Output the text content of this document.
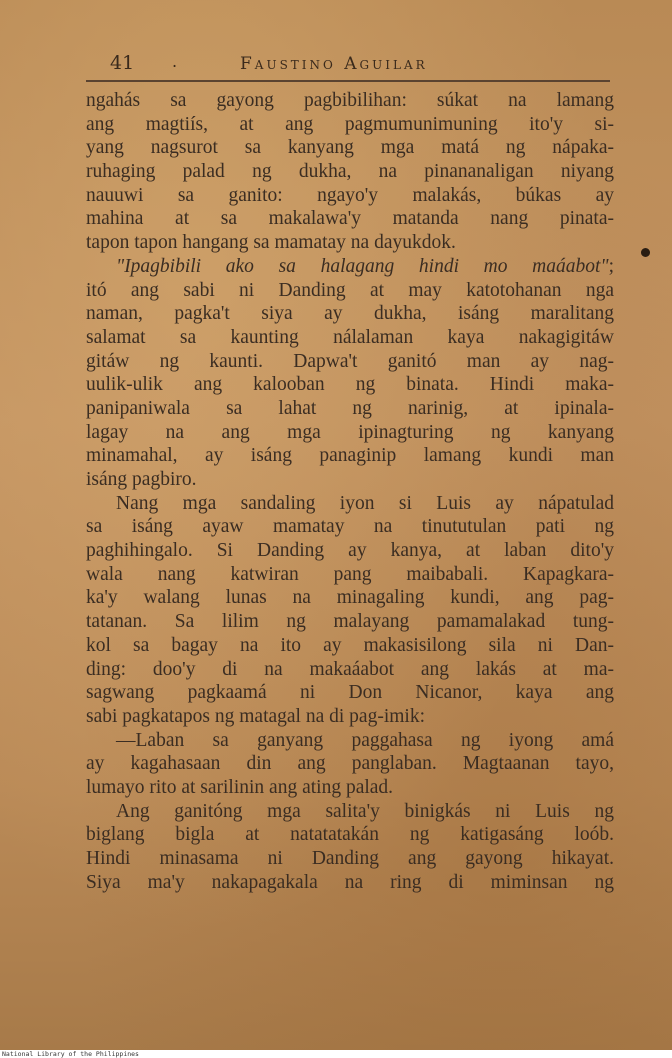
41 .	Faustino Aguilar
ngahás sa gayong pagbibilihan: súkat na lamang
ang magtiís, at ang pagmumunimuning ito'y si-
yang nagsurot sa kanyang mga matá ng nápaka-
ruhaging palad ng dukha, na pinananaligan niyang
nauuwi sa ganito: ngayo'y malakás, búkas ay
mahina at sa makalawa'y matanda nang pinata-
tapon tapon hangang sa mamatay na dayukdok.
"Ipagbibili ako sa halagang hindi mo maáabot";
itó ang sabi ni Danding at may katotohanan nga
naman, pagka't siya ay dukha, isáng maralitang
salamat sa kaunting nálalaman kaya nakagigitáw
gitáw ng kaunti. Dapwa't ganitó man ay nag-
uulik-ulik ang kalooban ng binata. Hindi maka-
panipaniwala sa lahat ng narinig, at ipinala-
lagay na ang mga ipinagturing ng kanyang
minamahal, ay isáng panaginip lamang kundi man
isáng pagbiro.
Nang mga sandaling iyon si Luis ay nápatulad
sa isáng ayaw mamatay na tinututulan pati ng
paghihingalo. Si Danding ay kanya, at laban dito'y
wala nang katwiran pang maibabali. Kapagkara-
ka'y walang lunas na minagaling kundi, ang pag-
tatanan. Sa lilim ng malayang pamamalakad tung-
kol sa bagay na ito ay makasisilong sila ni Dan-
ding: doo'y di na makaáabot ang lakás at ma-
sagwang pagkaamá ni Don Nicanor, kaya ang
sabi pagkatapos ng matagal na di pag-imik:
—Laban sa ganyang paggahasa ng iyong amá
ay kagahasaan din ang panglaban. Magtaanan tayo,
lumayo rito at sarilinin ang ating palad.
Ang ganitóng mga salita'y binigkás ni Luis ng
biglang bigla at natatatakán ng katigasáng loób.
Hindi minasama ni Danding ang gayong hikayat.
Siya ma'y nakapagakala na ring di miminsan ng
National Library of the Philippines
